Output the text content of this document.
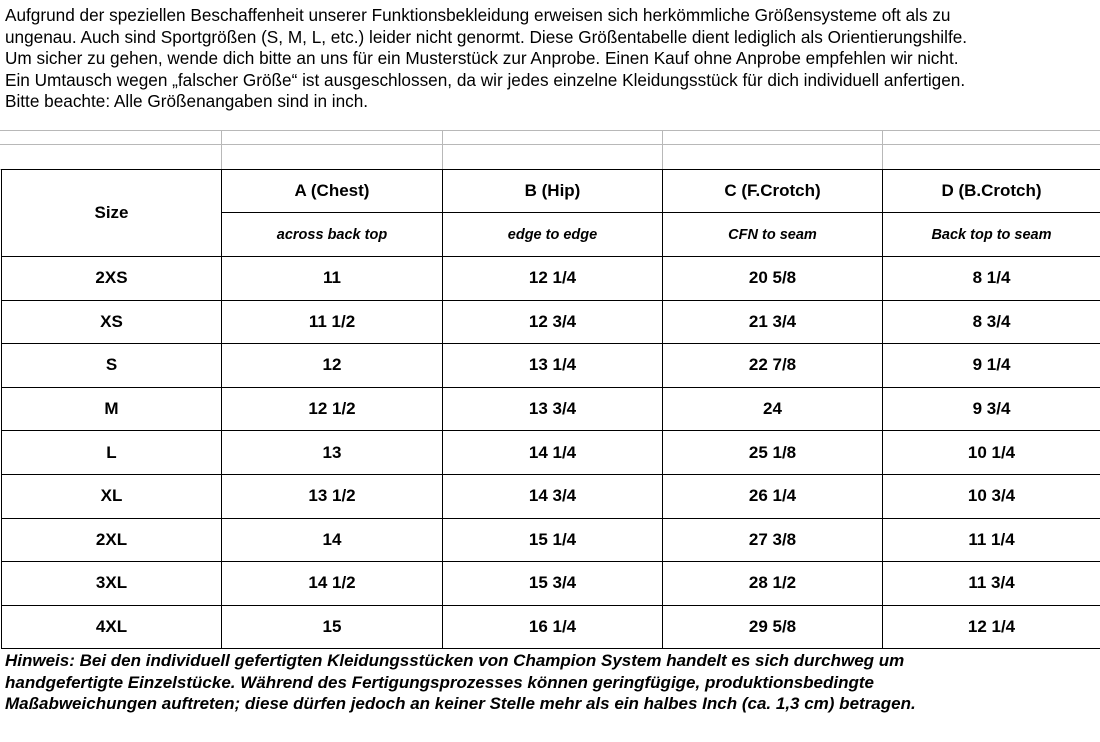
Aufgrund der speziellen Beschaffenheit unserer Funktionsbekleidung erweisen sich herkömmliche Größensysteme oft als zu

ungenau. Auch sind Sportgrößen (S, M, L, etc.) leider nicht genormt. Diese Größentabelle dient lediglich als Orientierungshilfe.

Um sicher zu gehen, wende dich bitte an uns für ein Musterstück zur Anprobe. Einen Kauf ohne Anprobe empfehlen wir nicht.

Ein Umtausch wegen „falscher Größe“ ist ausgeschlossen, da wir jedes einzelne Kleidungsstück für dich individuell anfertigen.

Bitte beachte: Alle Größenangaben sind in inch.

Size	A (Chest)	B (Hip)	C (F.Crotch)	D (B.Crotch)
	across back top	edge to edge	CFN to seam	Back top to seam
2XS	11	12 1/4	20 5/8	8 1/4
XS	11 1/2	12 3/4	21 3/4	8 3/4
S	12	13 1/4	22 7/8	9 1/4
M	12 1/2	13 3/4	24	9 3/4
L	13	14 1/4	25 1/8	10 1/4
XL	13 1/2	14 3/4	26 1/4	10 3/4
2XL	14	15 1/4	27 3/8	11 1/4
3XL	14 1/2	15 3/4	28 1/2	11 3/4
4XL	15	16 1/4	29 5/8	12 1/4

Hinweis: Bei den individuell gefertigten Kleidungsstücken von Champion System handelt es sich durchweg um

handgefertigte Einzelstücke. Während des Fertigungsprozesses können geringfügige, produktionsbedingte

Maßabweichungen auftreten; diese dürfen jedoch an keiner Stelle mehr als ein halbes Inch (ca. 1,3 cm) betragen.
